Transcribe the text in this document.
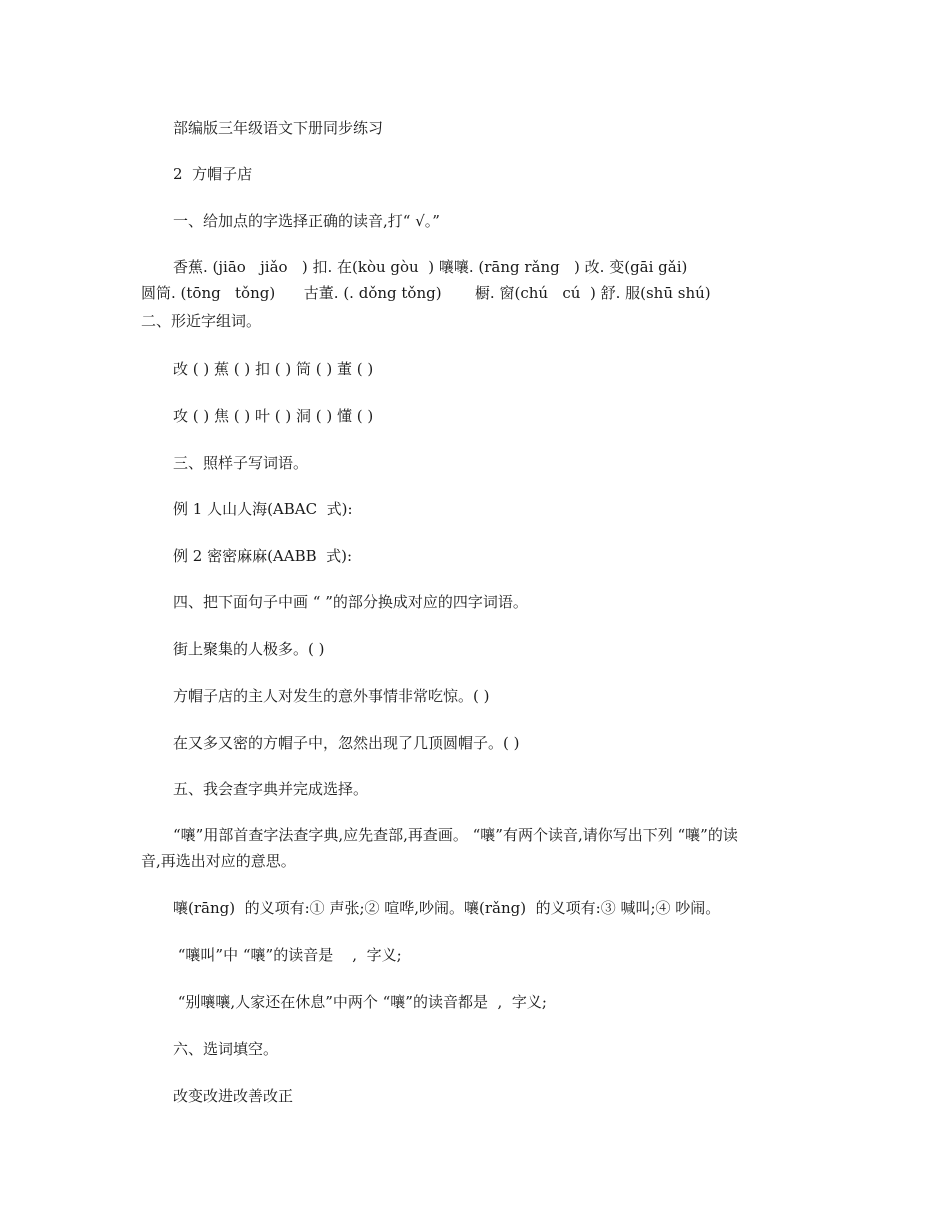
部编版三年级语文下册同步练习

2  方帽子店

一、给加点的字选择正确的读音,打“ √。”

香蕉. (jiāo   jiǎo   ) 扣. 在(kòu gòu  ) 嚷嚷. (rāng rǎng   ) 改. 变(gāi gǎi)

圆筒. (tōng   tǒng)      古董. (. dǒng tǒng)       橱. 窗(chú   cú  ) 舒. 服(shū shú)

二、形近字组词。

改 ( ) 蕉 ( ) 扣 ( ) 筒 ( ) 董 ( )

攻 ( ) 焦 ( ) 叶 ( ) 洞 ( ) 懂 ( )

三、照样子写词语。

例 1 人山人海(ABAC  式):

例 2 密密麻麻(AABB  式):

四、把下面句子中画 “ ”的部分换成对应的四字词语。

街上聚集的人极多。( )

方帽子店的主人对发生的意外事情非常吃惊。( )

在又多又密的方帽子中，忽然出现了几顶圆帽子。( )

五、我会查字典并完成选择。

“嚷”用部首查字法查字典,应先查部,再查画。 “嚷”有两个读音,请你写出下列 “嚷”的读

音,再选出对应的意思。

嚷(rāng)  的义项有:① 声张;② 喧哗,吵闹。嚷(rǎng)  的义项有:③ 喊叫;④ 吵闹。

“嚷叫”中 “嚷”的读音是    ,  字义;

“别嚷嚷,人家还在休息”中两个 “嚷”的读音都是  ,  字义;

六、选词填空。

改变改进改善改正
